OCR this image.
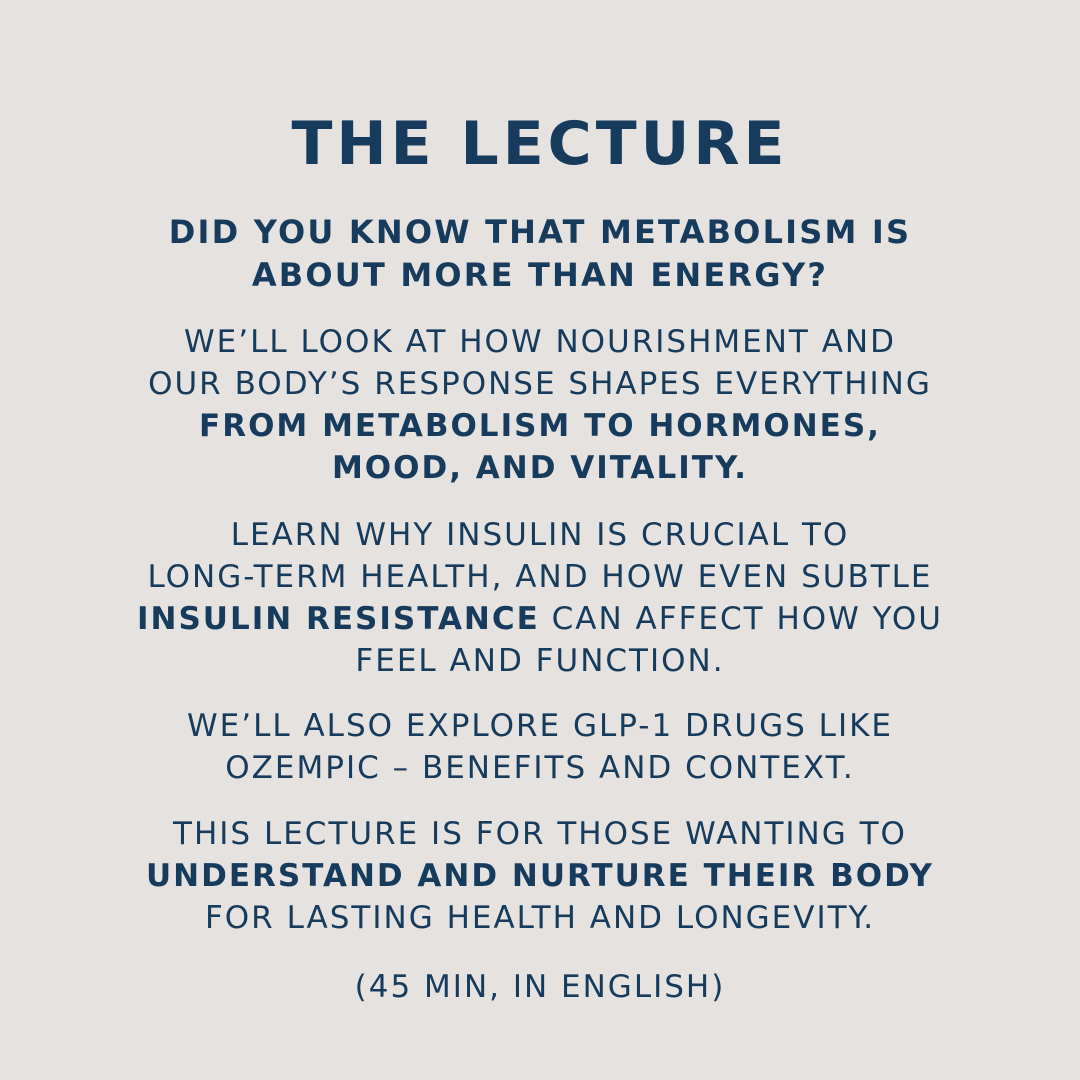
THE LECTURE

DID YOU KNOW THAT METABOLISM IS
ABOUT MORE THAN ENERGY?

WE’LL LOOK AT HOW NOURISHMENT AND
OUR BODY’S RESPONSE SHAPES EVERYTHING
FROM METABOLISM TO HORMONES,
MOOD, AND VITALITY.

LEARN WHY INSULIN IS CRUCIAL TO
LONG-TERM HEALTH, AND HOW EVEN SUBTLE
INSULIN RESISTANCE CAN AFFECT HOW YOU
FEEL AND FUNCTION.

WE’LL ALSO EXPLORE GLP-1 DRUGS LIKE
OZEMPIC – BENEFITS AND CONTEXT.

THIS LECTURE IS FOR THOSE WANTING TO
UNDERSTAND AND NURTURE THEIR BODY
FOR LASTING HEALTH AND LONGEVITY.

(45 MIN, IN ENGLISH)
